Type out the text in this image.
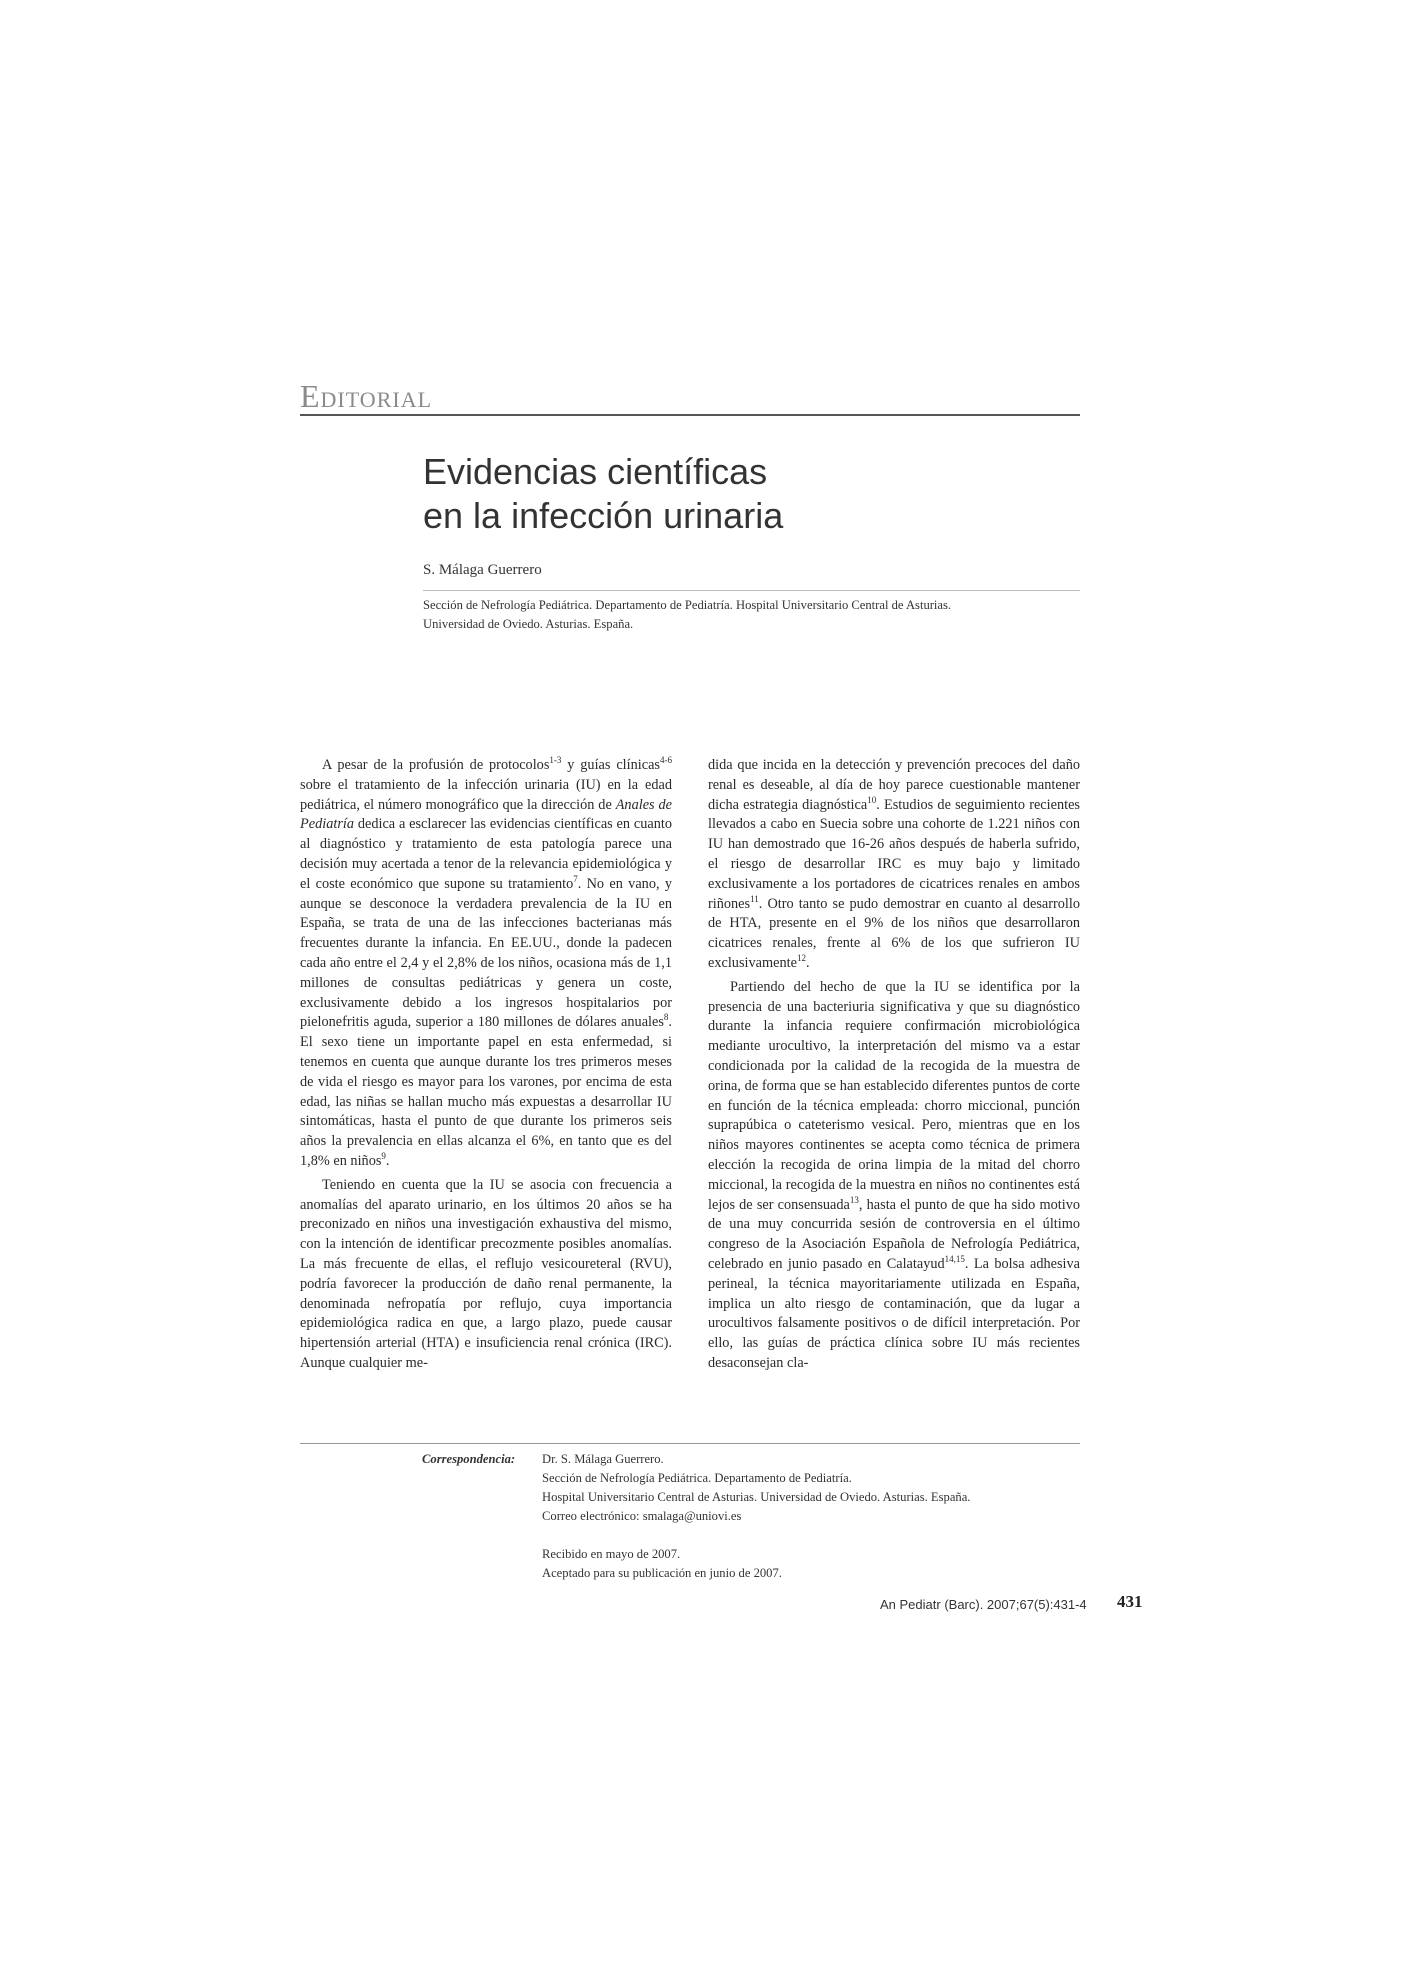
Editorial
Evidencias científicas
en la infección urinaria
S. Málaga Guerrero
Sección de Nefrología Pediátrica. Departamento de Pediatría. Hospital Universitario Central de Asturias.
Universidad de Oviedo. Asturias. España.

A pesar de la profusión de protocolos$^{1-3}$ y guías clínicas$^{4-6}$ sobre el tratamiento de la infección urinaria (IU) en la edad pediátrica, el número monográfico que la dirección de Anales de Pediatría dedica a esclarecer las evidencias científicas en cuanto al diagnóstico y tratamiento de esta patología parece una decisión muy acertada a tenor de la relevancia epidemiológica y el coste económico que supone su tratamiento$^7$. No en vano, y aunque se desconoce la verdadera prevalencia de la IU en España, se trata de una de las infecciones bacterianas más frecuentes durante la infancia. En EE.UU., donde la padecen cada año entre el 2,4 y el 2,8% de los niños, ocasiona más de 1,1 millones de consultas pediátricas y genera un coste, exclusivamente debido a los ingresos hospitalarios por pielonefritis aguda, superior a 180 millones de dólares anuales$^8$. El sexo tiene un importante papel en esta enfermedad, si tenemos en cuenta que aunque durante los tres primeros meses de vida el riesgo es mayor para los varones, por encima de esta edad, las niñas se hallan mucho más expuestas a desarrollar IU sintomáticas, hasta el punto de que durante los primeros seis años la prevalencia en ellas alcanza el 6%, en tanto que es del 1,8% en niños$^9$.

Teniendo en cuenta que la IU se asocia con frecuencia a anomalías del aparato urinario, en los últimos 20 años se ha preconizado en niños una investigación exhaustiva del mismo, con la intención de identificar precozmente posibles anomalías. La más frecuente de ellas, el reflujo vesicoureteral (RVU), podría favorecer la producción de daño renal permanente, la denominada nefropatía por reflujo, cuya importancia epidemiológica radica en que, a largo plazo, puede causar hipertensión arterial (HTA) e insuficiencia renal crónica (IRC). Aunque cualquier me-

dida que incida en la detección y prevención precoces del daño renal es deseable, al día de hoy parece cuestionable mantener dicha estrategia diagnóstica$^{10}$. Estudios de seguimiento recientes llevados a cabo en Suecia sobre una cohorte de 1.221 niños con IU han demostrado que 16-26 años después de haberla sufrido, el riesgo de desarrollar IRC es muy bajo y limitado exclusivamente a los portadores de cicatrices renales en ambos riñones$^{11}$. Otro tanto se pudo demostrar en cuanto al desarrollo de HTA, presente en el 9% de los niños que desarrollaron cicatrices renales, frente al 6% de los que sufrieron IU exclusivamente$^{12}$.

Partiendo del hecho de que la IU se identifica por la presencia de una bacteriuria significativa y que su diagnóstico durante la infancia requiere confirmación microbiológica mediante urocultivo, la interpretación del mismo va a estar condicionada por la calidad de la recogida de la muestra de orina, de forma que se han establecido diferentes puntos de corte en función de la técnica empleada: chorro miccional, punción suprapúbica o cateterismo vesical. Pero, mientras que en los niños mayores continentes se acepta como técnica de primera elección la recogida de orina limpia de la mitad del chorro miccional, la recogida de la muestra en niños no continentes está lejos de ser consensuada$^{13}$, hasta el punto de que ha sido motivo de una muy concurrida sesión de controversia en el último congreso de la Asociación Española de Nefrología Pediátrica, celebrado en junio pasado en Calatayud$^{14,15}$. La bolsa adhesiva perineal, la técnica mayoritariamente utilizada en España, implica un alto riesgo de contaminación, que da lugar a urocultivos falsamente positivos o de difícil interpretación. Por ello, las guías de práctica clínica sobre IU más recientes desaconsejan cla-

Correspondencia: Dr. S. Málaga Guerrero.
Sección de Nefrología Pediátrica. Departamento de Pediatría.
Hospital Universitario Central de Asturias. Universidad de Oviedo. Asturias. España.
Correo electrónico: smalaga@uniovi.es
Recibido en mayo de 2007.
Aceptado para su publicación en junio de 2007.
An Pediatr (Barc). 2007;67(5):431-4 431
